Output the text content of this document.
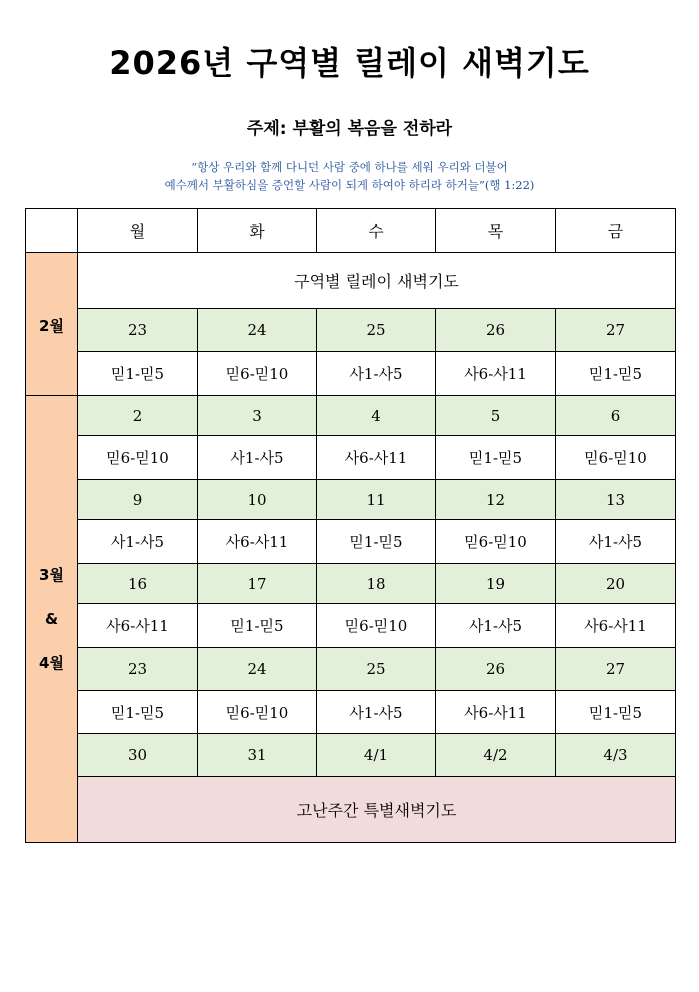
2026년 구역별 릴레이 새벽기도
주제: 부활의 복음을 전하라
“항상 우리와 함께 다니던 사람 중에 하나를 세워 우리와 더불어
예수께서 부활하심을 증언할 사람이 되게 하여야 하리라 하거늘”(행 1:22)
	월	화	수	목	금
2월	구역별 릴레이 새벽기도				
	23	24	25	26	27
	믿1-믿5	믿6-믿10	사1-사5	사6-사11	믿1-믿5

3월
&
4월	2	3	4	5	6
	믿6-믿10	사1-사5	사6-사11	믿1-믿5	믿6-믿10
	9	10	11	12	13
	사1-사5	사6-사11	믿1-믿5	믿6-믿10	사1-사5
	16	17	18	19	20
	사6-사11	믿1-믿5	믿6-믿10	사1-사5	사6-사11
	23	24	25	26	27
	믿1-믿5	믿6-믿10	사1-사5	사6-사11	믿1-믿5
	30	31	4/1	4/2	4/3
	고난주간 특별새벽기도				
